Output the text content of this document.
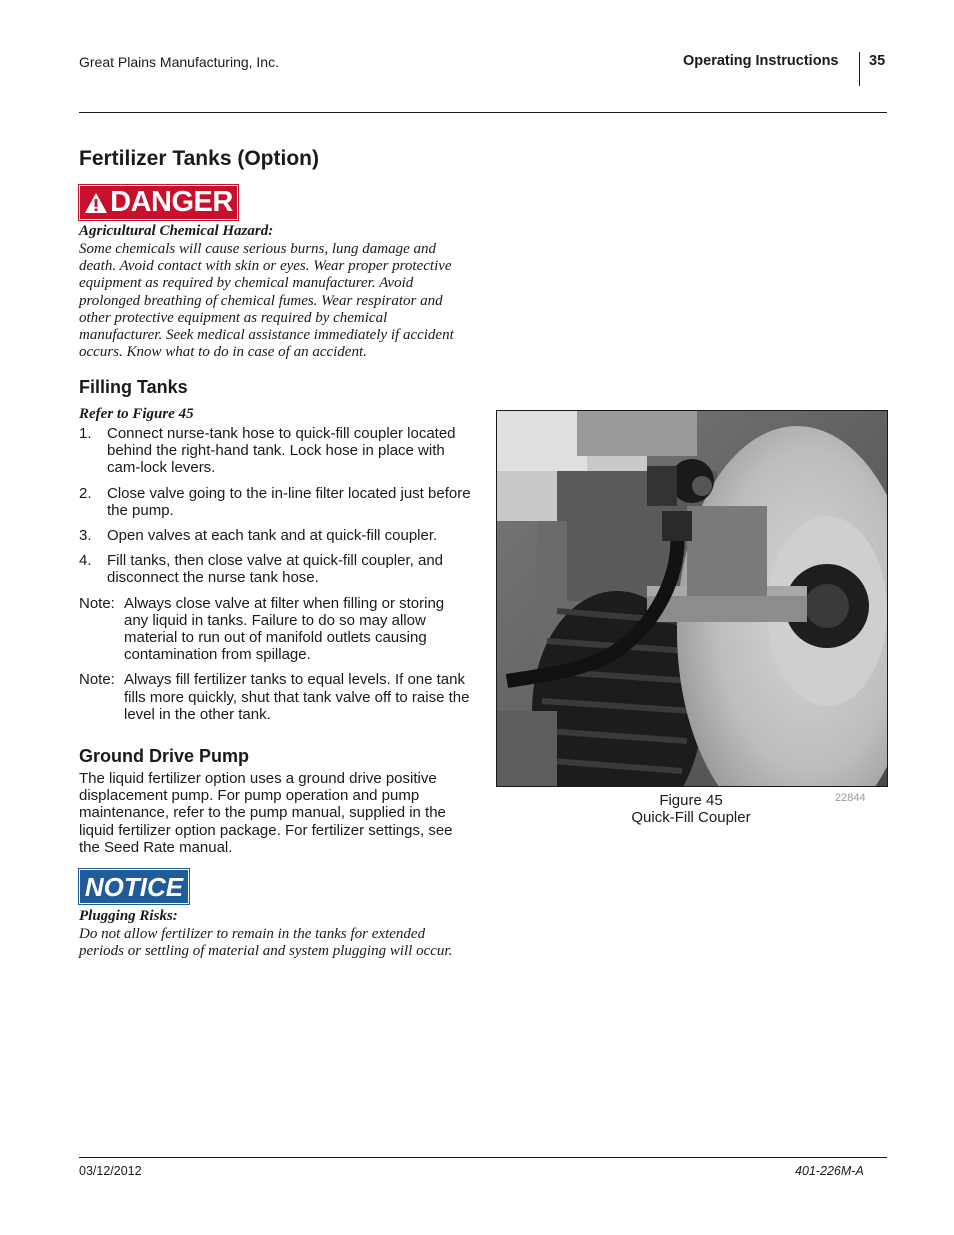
Great Plains Manufacturing, Inc.	Operating Instructions 35
Fertilizer Tanks (Option)
DANGER
Agricultural Chemical Hazard:
Some chemicals will cause serious burns, lung damage and death. Avoid contact with skin or eyes. Wear proper protective equipment as required by chemical manufacturer. Avoid prolonged breathing of chemical fumes. Wear respirator and other protective equipment as required by chemical manufacturer. Seek medical assistance immediately if accident occurs. Know what to do in case of an accident.
Filling Tanks
Refer to Figure 45
1.	Connect nurse-tank hose to quick-fill coupler located behind the right-hand tank. Lock hose in place with cam-lock levers.
2.	Close valve going to the in-line filter located just before the pump.
3.	Open valves at each tank and at quick-fill coupler.
4.	Fill tanks, then close valve at quick-fill coupler, and disconnect the nurse tank hose.
Note: Always close valve at filter when filling or storing any liquid in tanks. Failure to do so may allow material to run out of manifold outlets causing contamination from spillage.
Note: Always fill fertilizer tanks to equal levels. If one tank fills more quickly, shut that tank valve off to raise the level in the other tank.
Ground Drive Pump
The liquid fertilizer option uses a ground drive positive displacement pump. For pump operation and pump maintenance, refer to the pump manual, supplied in the liquid fertilizer option package. For fertilizer settings, see the Seed Rate manual.
NOTICE
Plugging Risks:
Do not allow fertilizer to remain in the tanks for extended periods or settling of material and system plugging will occur.
Figure 45
Quick-Fill Coupler
22844
03/12/2012	401-226M-A
